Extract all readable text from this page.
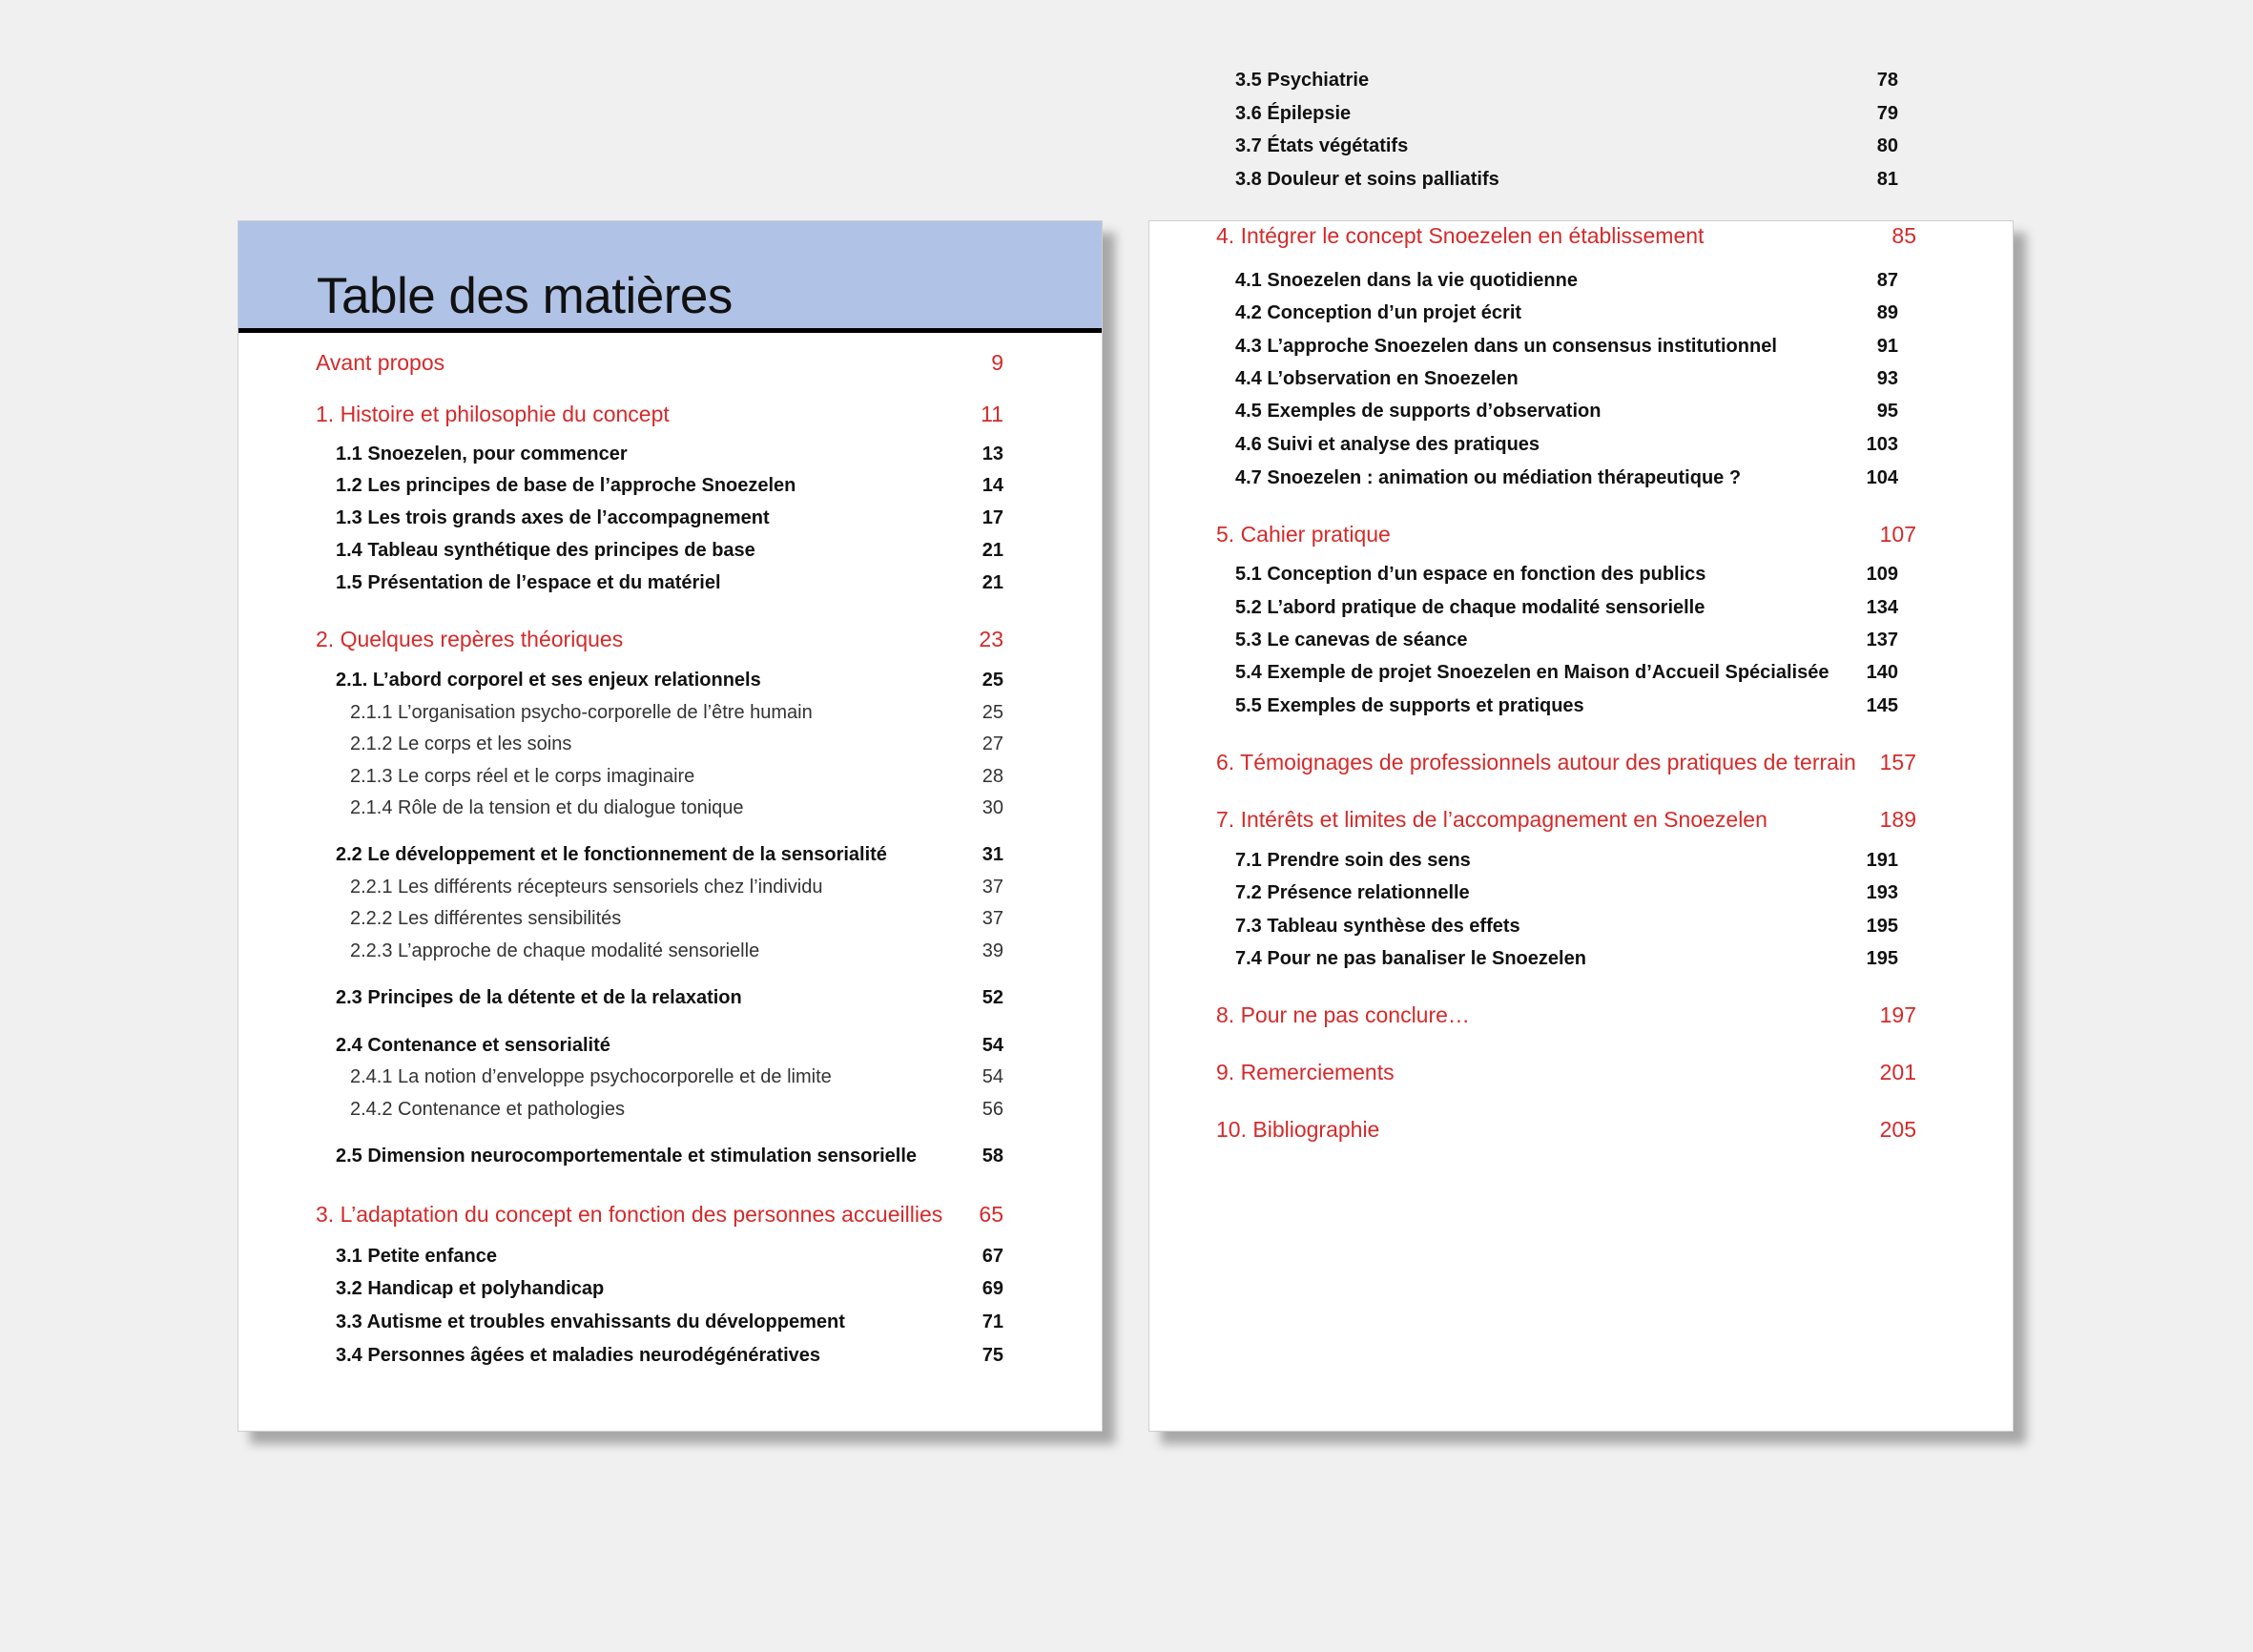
Table des matières
Avant propos	9
1. Histoire et philosophie du concept	11
1.1 Snoezelen, pour commencer	13
1.2 Les principes de base de l’approche Snoezelen	14
1.3 Les trois grands axes de l’accompagnement	17
1.4 Tableau synthétique des principes de base	21
1.5 Présentation de l’espace et du matériel	21
2. Quelques repères théoriques	23
2.1. L’abord corporel et ses enjeux relationnels	25
2.1.1 L’organisation psycho-corporelle de l’être humain	25
2.1.2 Le corps et les soins	27
2.1.3 Le corps réel et le corps imaginaire	28
2.1.4 Rôle de la tension et du dialogue tonique	30
2.2 Le développement et le fonctionnement de la sensorialité	31
2.2.1 Les différents récepteurs sensoriels chez l’individu	37
2.2.2 Les différentes sensibilités	37
2.2.3 L’approche de chaque modalité sensorielle	39
2.3 Principes de la détente et de la relaxation	52
2.4 Contenance et sensorialité	54
2.4.1 La notion d’enveloppe psychocorporelle et de limite	54
2.4.2 Contenance et pathologies	56
2.5 Dimension neurocomportementale et stimulation sensorielle	58
3. L’adaptation du concept en fonction des personnes accueillies	65
3.1 Petite enfance	67
3.2 Handicap et polyhandicap	69
3.3 Autisme et troubles envahissants du développement	71
3.4 Personnes âgées et maladies neurodégénératives	75
3.5 Psychiatrie	78
3.6 Épilepsie	79
3.7 États végétatifs	80
3.8 Douleur et soins palliatifs	81
4. Intégrer le concept Snoezelen en établissement	85
4.1 Snoezelen dans la vie quotidienne	87
4.2 Conception d’un projet écrit	89
4.3 L’approche Snoezelen dans un consensus institutionnel	91
4.4 L’observation en Snoezelen	93
4.5 Exemples de supports d’observation	95
4.6 Suivi et analyse des pratiques	103
4.7 Snoezelen : animation ou médiation thérapeutique ?	104
5. Cahier pratique	107
5.1 Conception d’un espace en fonction des publics	109
5.2 L’abord pratique de chaque modalité sensorielle	134
5.3 Le canevas de séance	137
5.4 Exemple de projet Snoezelen en Maison d’Accueil Spécialisée	140
5.5 Exemples de supports et pratiques	145
6. Témoignages de professionnels autour des pratiques de terrain	157
7. Intérêts et limites de l’accompagnement en Snoezelen	189
7.1 Prendre soin des sens	191
7.2 Présence relationnelle	193
7.3 Tableau synthèse des effets	195
7.4 Pour ne pas banaliser le Snoezelen	195
8. Pour ne pas conclure…	197
9. Remerciements	201
10. Bibliographie	205
